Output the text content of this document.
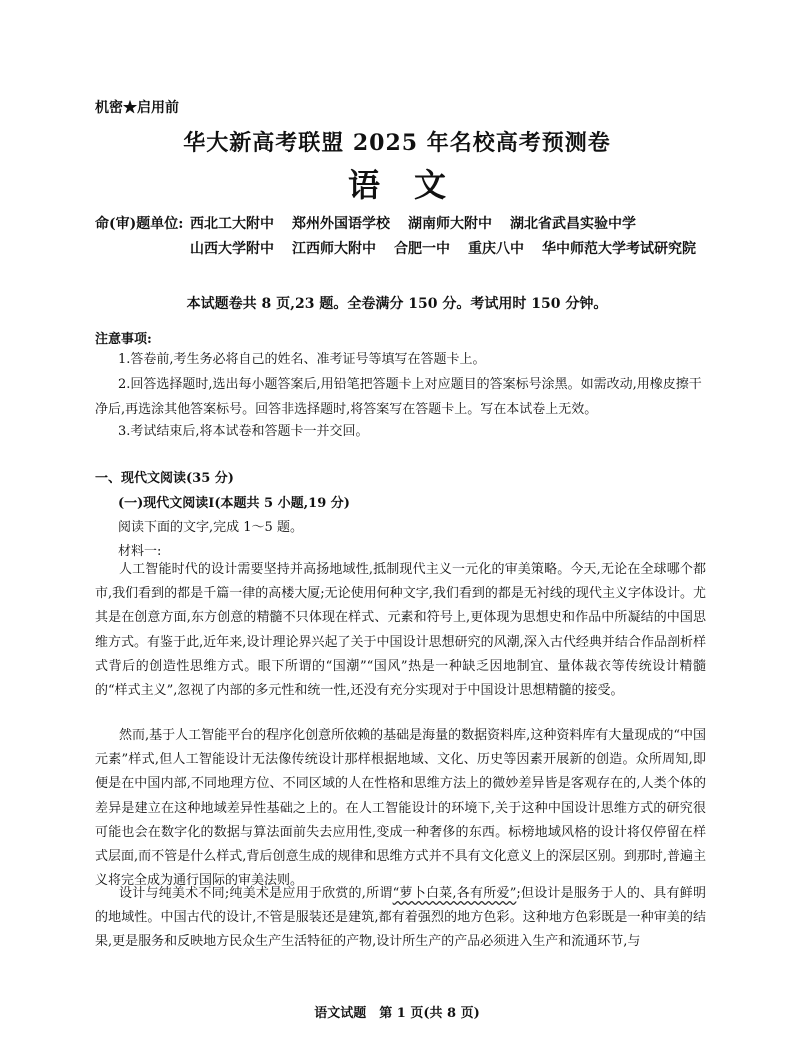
机密★启用前
华大新高考联盟 2025 年名校高考预测卷
语文
命(审)题单位: 西北工大附中 郑州外国语学校 湖南师大附中 湖北省武昌实验中学
山西大学附中 江西师大附中 合肥一中 重庆八中 华中师范大学考试研究院
本试题卷共 8 页,23 题。全卷满分 150 分。考试用时 150 分钟。
注意事项:
1.答卷前,考生务必将自己的姓名、准考证号等填写在答题卡上。
2.回答选择题时,选出每小题答案后,用铅笔把答题卡上对应题目的答案标号涂黑。如需改动,用橡皮擦干净后,再选涂其他答案标号。回答非选择题时,将答案写在答题卡上。写在本试卷上无效。
3.考试结束后,将本试卷和答题卡一并交回。
一、现代文阅读(35 分)
(一)现代文阅读Ⅰ(本题共 5 小题,19 分)
阅读下面的文字,完成 1～5 题。
材料一:
人工智能时代的设计需要坚持并高扬地域性,抵制现代主义一元化的审美策略。今天,无论在全球哪个都市,我们看到的都是千篇一律的高楼大厦;无论使用何种文字,我们看到的都是无衬线的现代主义字体设计。尤其是在创意方面,东方创意的精髓不只体现在样式、元素和符号上,更体现为思想史和作品中所凝结的中国思维方式。有鉴于此,近年来,设计理论界兴起了关于中国设计思想研究的风潮,深入古代经典并结合作品剖析样式背后的创造性思维方式。眼下所谓的“国潮”“国风”热是一种缺乏因地制宜、量体裁衣等传统设计精髓的“样式主义”,忽视了内部的多元性和统一性,还没有充分实现对于中国设计思想精髓的接受。
然而,基于人工智能平台的程序化创意所依赖的基础是海量的数据资料库,这种资料库有大量现成的“中国元素”样式,但人工智能设计无法像传统设计那样根据地域、文化、历史等因素开展新的创造。众所周知,即便是在中国内部,不同地理方位、不同区域的人在性格和思维方法上的微妙差异皆是客观存在的,人类个体的差异是建立在这种地域差异性基础之上的。在人工智能设计的环境下,关于这种中国设计思维方式的研究很可能也会在数字化的数据与算法面前失去应用性,变成一种奢侈的东西。标榜地域风格的设计将仅停留在样式层面,而不管是什么样式,背后创意生成的规律和思维方式并不具有文化意义上的深层区别。到那时,普遍主义将完全成为通行国际的审美法则。
设计与纯美术不同;纯美术是应用于欣赏的,所谓“萝卜白菜,各有所爱”;但设计是服务于人的、具有鲜明的地域性。中国古代的设计,不管是服装还是建筑,都有着强烈的地方色彩。这种地方色彩既是一种审美的结果,更是服务和反映地方民众生产生活特征的产物,设计所生产的产品必须进入生产和流通环节,与
语文试题　第 1 页(共 8 页)
